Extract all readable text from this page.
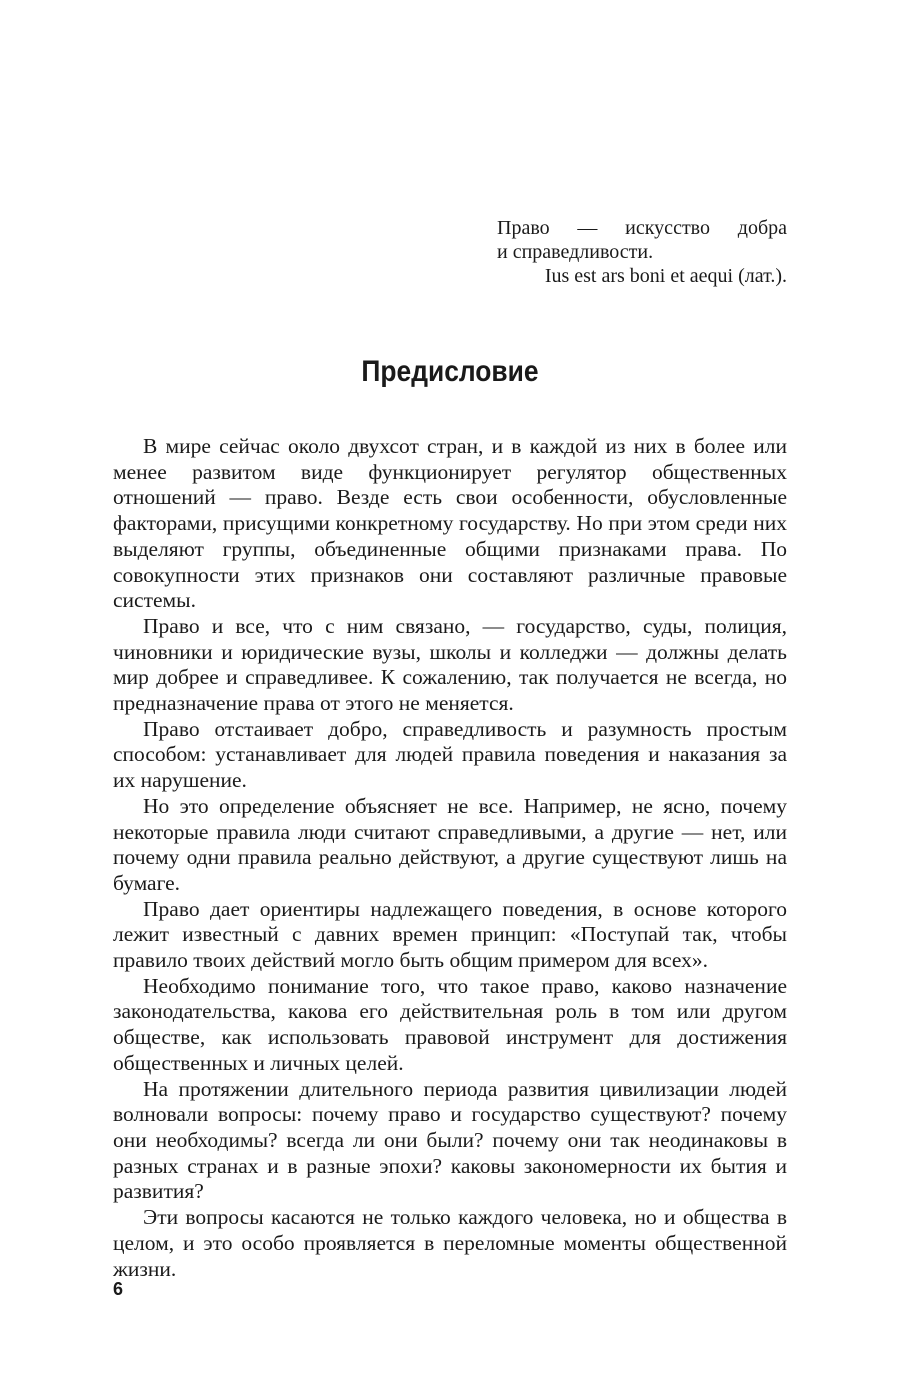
Право — искусство добра
и справедливости.
Ius est ars boni et aequi (лат.).
Предисловие

В мире сейчас около двухсот стран, и в каждой из них в более или менее развитом виде функционирует регулятор общественных отношений — право. Везде есть свои особенности, обусловленные факторами, присущими конкретному государству. Но при этом среди них выделяют группы, объединенные общими признаками права. По совокупности этих признаков они составляют различные правовые системы.

Право и все, что с ним связано, — государство, суды, полиция, чиновники и юридические вузы, школы и колледжи — должны делать мир добрее и справедливее. К сожалению, так получается не всегда, но предназначение права от этого не меняется.

Право отстаивает добро, справедливость и разумность простым способом: устанавливает для людей правила поведения и наказания за их нарушение.

Но это определение объясняет не все. Например, не ясно, почему некоторые правила люди считают справедливыми, а другие — нет, или почему одни правила реально действуют, а другие существуют лишь на бумаге.

Право дает ориентиры надлежащего поведения, в основе которого лежит известный с давних времен принцип: «Поступай так, чтобы правило твоих действий могло быть общим примером для всех».

Необходимо понимание того, что такое право, каково назначение законодательства, какова его действительная роль в том или другом обществе, как использовать правовой инструмент для достижения общественных и личных целей.

На протяжении длительного периода развития цивилизации людей волновали вопросы: почему право и государство существуют? почему они необходимы? всегда ли они были? почему они так неодинаковы в разных странах и в разные эпохи? каковы закономерности их бытия и развития?

Эти вопросы касаются не только каждого человека, но и общества в целом, и это особо проявляется в переломные моменты общественной жизни.

6
